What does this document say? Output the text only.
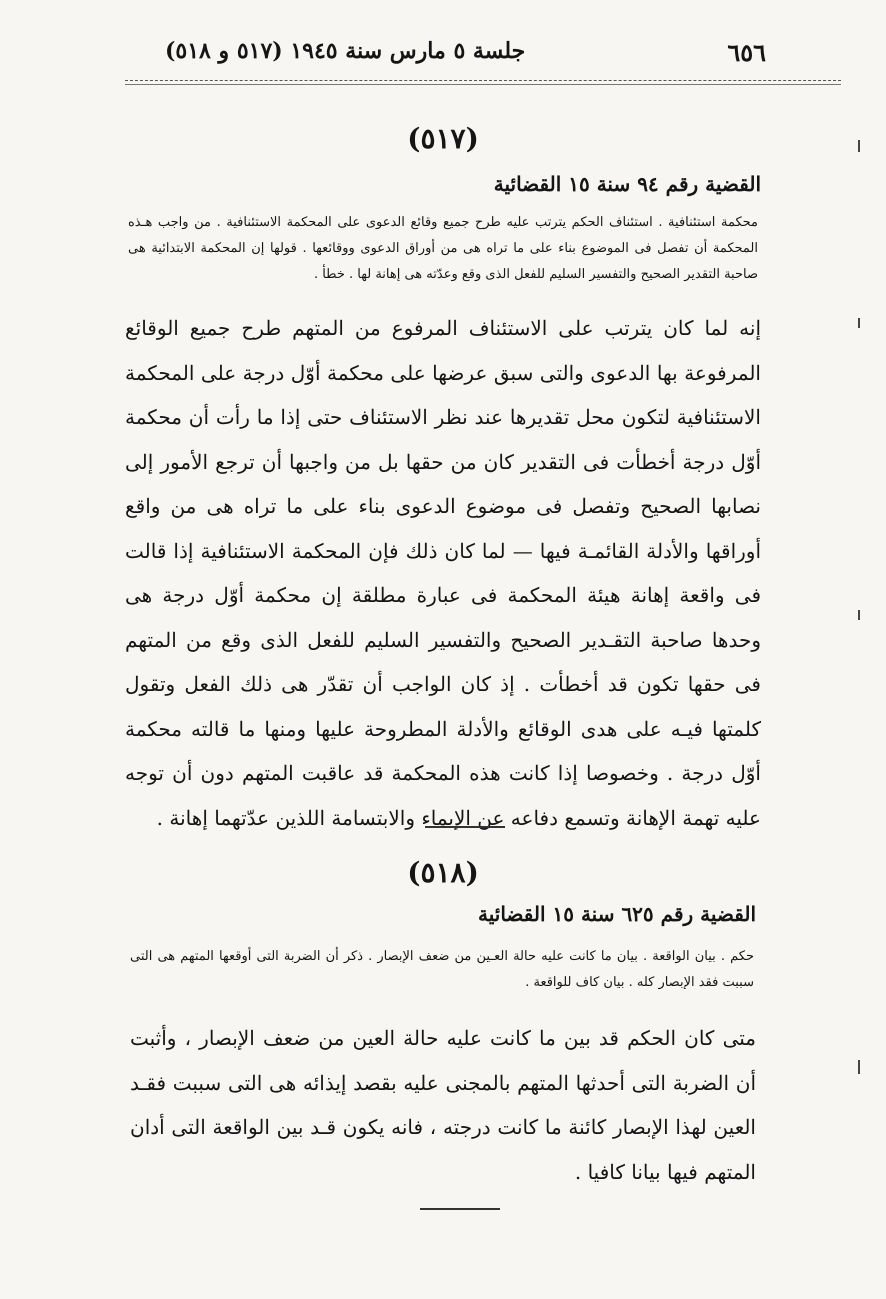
٦٥٦
جلسة ٥ مارس سنة ١٩٤٥ (٥١٧ و ٥١٨)
(٥١٧)
القضية رقم ٩٤ سنة ١٥ القضائية
محكمة استئنافية . استئناف الحكم يترتب عليه طرح جميع وقائع الدعوى على المحكمة الاستئنافية . من واجب هـذه المحكمة أن تفصل فى الموضوع بناء على ما تراه هى من أوراق الدعوى ووقائعها . قولها إن المحكمة الابتدائية هى صاحبة التقدير الصحيح والتفسير السليم للفعل الذى وقع وعدّته هى إهانة لها . خطأ .
إنه لما كان يترتب على الاستئناف المرفوع من المتهم طرح جميع الوقائع المرفوعة بها الدعوى والتى سبق عرضها على محكمة أوّل درجة على المحكمة الاستئنافية لتكون محل تقديرها عند نظر الاستئناف حتى إذا ما رأت أن محكمة أوّل درجة أخطأت فى التقدير كان من حقها بل من واجبها أن ترجع الأمور إلى نصابها الصحيح وتفصل فى موضوع الدعوى بناء على ما تراه هى من واقع أوراقها والأدلة القائمـة فيها — لما كان ذلك فإن المحكمة الاستئنافية إذا قالت فى واقعة إهانة هيئة المحكمة فى عبارة مطلقة إن محكمة أوّل درجة هى وحدها صاحبة التقـدير الصحيح والتفسير السليم للفعل الذى وقع من المتهم فى حقها تكون قد أخطأت . إذ كان الواجب أن تقدّر هى ذلك الفعل وتقول كلمتها فيـه على هدى الوقائع والأدلة المطروحة عليها ومنها ما قالته محكمة أوّل درجة . وخصوصا إذا كانت هذه المحكمة قد عاقبت المتهم دون أن توجه عليه تهمة الإهانة وتسمع دفاعه عن الإيماء والابتسامة اللذين عدّتهما إهانة .
(٥١٨)
القضية رقم ٦٢٥ سنة ١٥ القضائية
حكم . بيان الواقعة . بيان ما كانت عليه حالة العـين من ضعف الإبصار . ذكر أن الضربة التى أوقعها المتهم هى التى سببت فقد الإبصار كله . بيان كاف للواقعة .
متى كان الحكم قد بين ما كانت عليه حالة العين من ضعف الإبصار ، وأثبت أن الضربة التى أحدثها المتهم بالمجنى عليه بقصد إيذائه هى التى سببت فقـد العين لهذا الإبصار كائنة ما كانت درجته ، فانه يكون قـد بين الواقعة التى أدان المتهم فيها بيانا كافيا .
